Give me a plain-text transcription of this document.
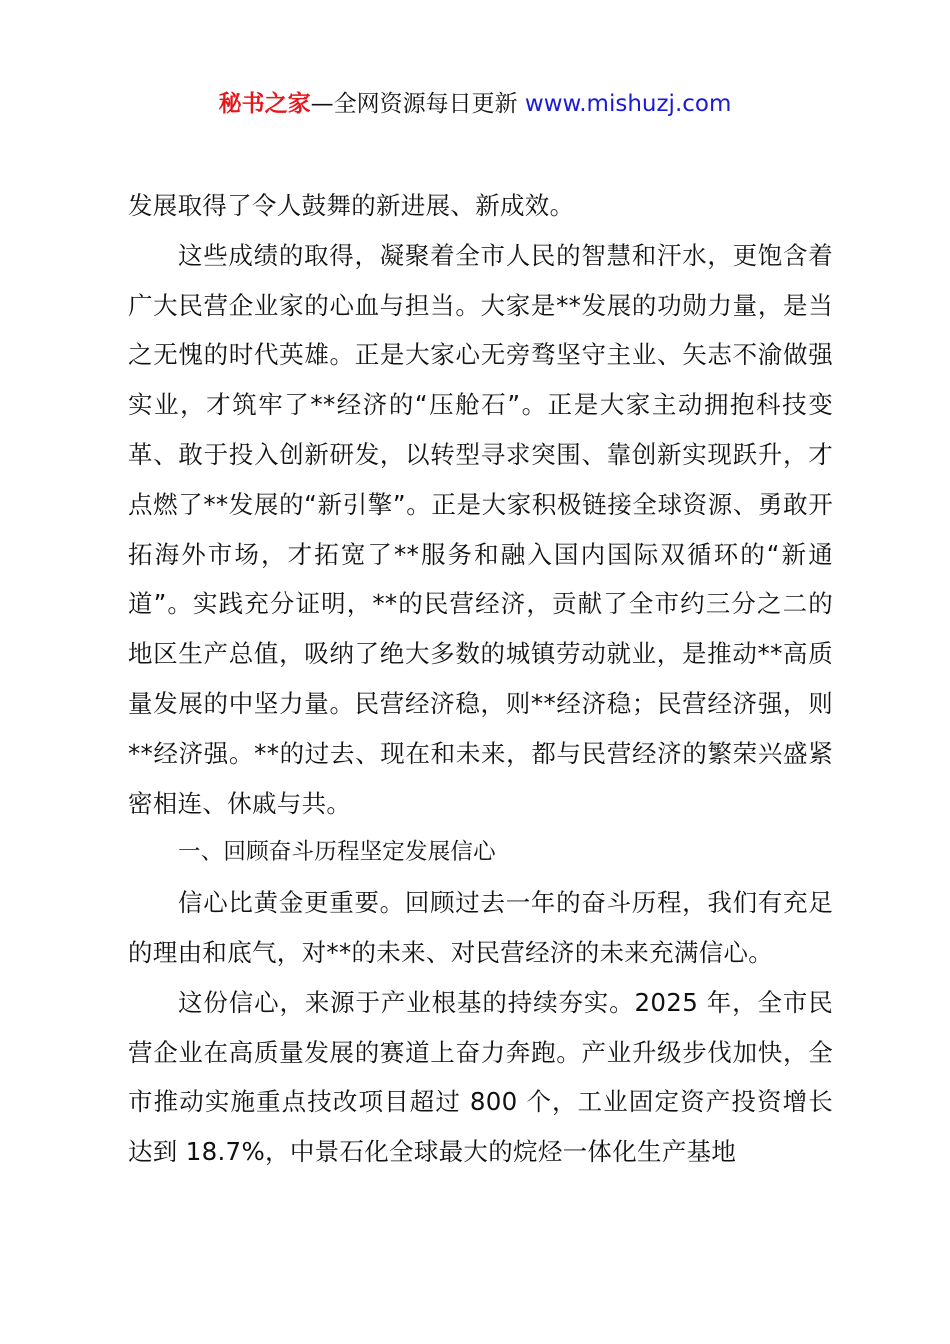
秘书之家—全网资源每日更新 www.mishuzj.com

发展取得了令人鼓舞的新进展、新成效。

这些成绩的取得，凝聚着全市人民的智慧和汗水，更饱含着广大民营企业家的心血与担当。大家是**发展的功勋力量，是当之无愧的时代英雄。正是大家心无旁骛坚守主业、矢志不渝做强实业，才筑牢了**经济的“压舱石”。正是大家主动拥抱科技变革、敢于投入创新研发，以转型寻求突围、靠创新实现跃升，才点燃了**发展的“新引擎”。正是大家积极链接全球资源、勇敢开拓海外市场，才拓宽了**服务和融入国内国际双循环的“新通道”。实践充分证明，**的民营经济，贡献了全市约三分之二的地区生产总值，吸纳了绝大多数的城镇劳动就业，是推动**高质量发展的中坚力量。民营经济稳，则**经济稳；民营经济强，则**经济强。**的过去、现在和未来，都与民营经济的繁荣兴盛紧密相连、休戚与共。

一、回顾奋斗历程坚定发展信心

信心比黄金更重要。回顾过去一年的奋斗历程，我们有充足的理由和底气，对**的未来、对民营经济的未来充满信心。

这份信心，来源于产业根基的持续夯实。2025 年，全市民营企业在高质量发展的赛道上奋力奔跑。产业升级步伐加快，全市推动实施重点技改项目超过 800 个，工业固定资产投资增长达到 18.7%，中景石化全球最大的烷烃一体化生产基地
